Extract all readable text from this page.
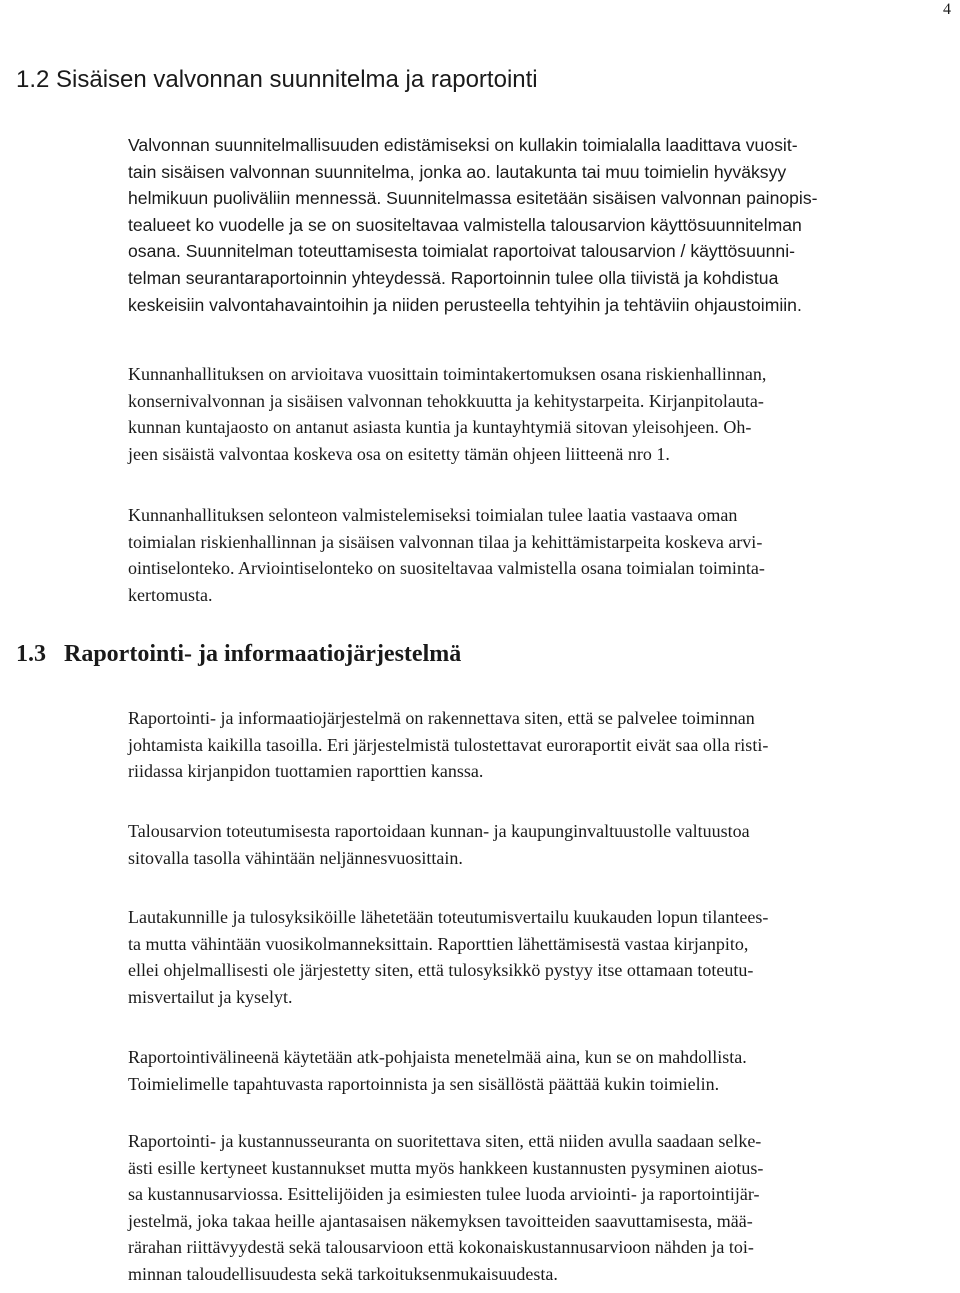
4
1.2 Sisäisen valvonnan suunnitelma ja raportointi
Valvonnan suunnitelmallisuuden edistämiseksi on kullakin toimialalla laadittava vuosit-
tain sisäisen valvonnan suunnitelma, jonka ao. lautakunta tai muu toimielin hyväksyy
helmikuun puoliväliin mennessä. Suunnitelmassa esitetään sisäisen valvonnan painopis-
tealueet ko vuodelle ja se on suositeltavaa valmistella talousarvion käyttösuunnitelman
osana. Suunnitelman toteuttamisesta toimialat raportoivat talousarvion / käyttösuunni-
telman seurantaraportoinnin yhteydessä. Raportoinnin tulee olla tiivistä ja kohdistua
keskeisiin valvontahavaintoihin ja niiden perusteella tehtyihin ja tehtäviin ohjaustoimiin.
Kunnanhallituksen on arvioitava vuosittain toimintakertomuksen osana riskienhallinnan,
konsernivalvonnan ja sisäisen valvonnan tehokkuutta ja kehitystarpeita. Kirjanpitolauta-
kunnan kuntajaosto on antanut asiasta kuntia ja kuntayhtymiä sitovan yleisohjeen. Oh-
jeen sisäistä valvontaa koskeva osa on esitetty tämän ohjeen liitteenä nro 1.
Kunnanhallituksen selonteon valmistelemiseksi toimialan tulee laatia vastaava oman
toimialan riskienhallinnan ja sisäisen valvonnan tilaa ja kehittämistarpeita koskeva arvi-
ointiselonteko. Arviointiselonteko on suositeltavaa valmistella osana toimialan toiminta-
kertomusta.
1.3 Raportointi- ja informaatiojärjestelmä
Raportointi- ja informaatiojärjestelmä on rakennettava siten, että se palvelee toiminnan
johtamista kaikilla tasoilla. Eri järjestelmistä tulostettavat euroraportit eivät saa olla risti-
riidassa kirjanpidon tuottamien raporttien kanssa.
Talousarvion toteutumisesta raportoidaan kunnan- ja kaupunginvaltuustolle valtuustoa
sitovalla tasolla vähintään neljännesvuosittain.
Lautakunnille ja tulosyksiköille lähetetään toteutumisvertailu kuukauden lopun tilantees-
ta mutta vähintään vuosikolmanneksittain. Raporttien lähettämisestä vastaa kirjanpito,
ellei ohjelmallisesti ole järjestetty siten, että tulosyksikkö pystyy itse ottamaan toteutu-
misvertailut ja kyselyt.
Raportointivälineenä käytetään atk-pohjaista menetelmää aina, kun se on mahdollista.
Toimielimelle tapahtuvasta raportoinnista ja sen sisällöstä päättää kukin toimielin.
Raportointi- ja kustannusseuranta on suoritettava siten, että niiden avulla saadaan selke-
ästi esille kertyneet kustannukset mutta myös hankkeen kustannusten pysyminen aiotus-
sa kustannusarviossa. Esittelijöiden ja esimiesten tulee luoda arviointi- ja raportointijär-
jestelmä, joka takaa heille ajantasaisen näkemyksen tavoitteiden saavuttamisesta, mää-
rärahan riittävyydestä sekä talousarvioon että kokonaiskustannusarvioon nähden ja toi-
minnan taloudellisuudesta sekä tarkoituksenmukaisuudesta.
